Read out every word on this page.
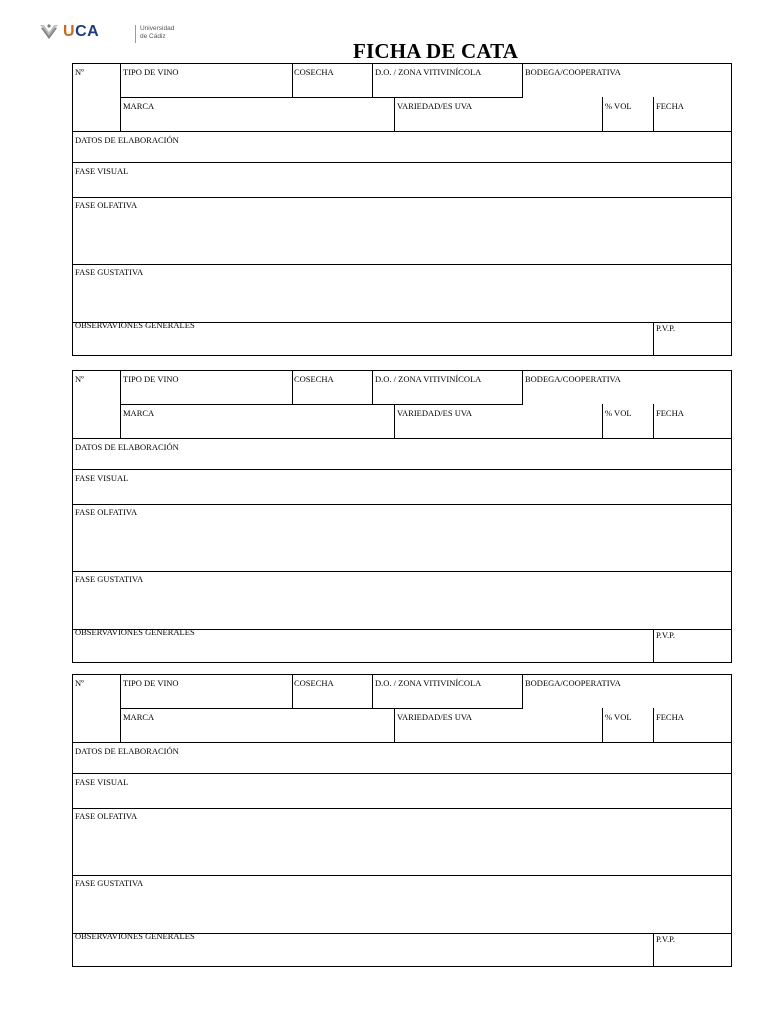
UCA	Universidad
de Cádiz
FICHA DE CATA
Nº	TIPO DE VINO	COSECHA	D.O. / ZONA VITIVINÍCOLA	BODEGA/COOPERATIVA
MARCA	VARIEDAD/ES UVA	% VOL	FECHA
DATOS DE ELABORACIÓN
FASE VISUAL
FASE OLFATIVA
FASE GUSTATIVA
OBSERVAVIONES GENERALES	P.V.P.
Nº	TIPO DE VINO	COSECHA	D.O. / ZONA VITIVINÍCOLA	BODEGA/COOPERATIVA
MARCA	VARIEDAD/ES UVA	% VOL	FECHA
DATOS DE ELABORACIÓN
FASE VISUAL
FASE OLFATIVA
FASE GUSTATIVA
OBSERVAVIONES GENERALES	P.V.P.
Nº	TIPO DE VINO	COSECHA	D.O. / ZONA VITIVINÍCOLA	BODEGA/COOPERATIVA
MARCA	VARIEDAD/ES UVA	% VOL	FECHA
DATOS DE ELABORACIÓN
FASE VISUAL
FASE OLFATIVA
FASE GUSTATIVA
OBSERVAVIONES GENERALES	P.V.P.
